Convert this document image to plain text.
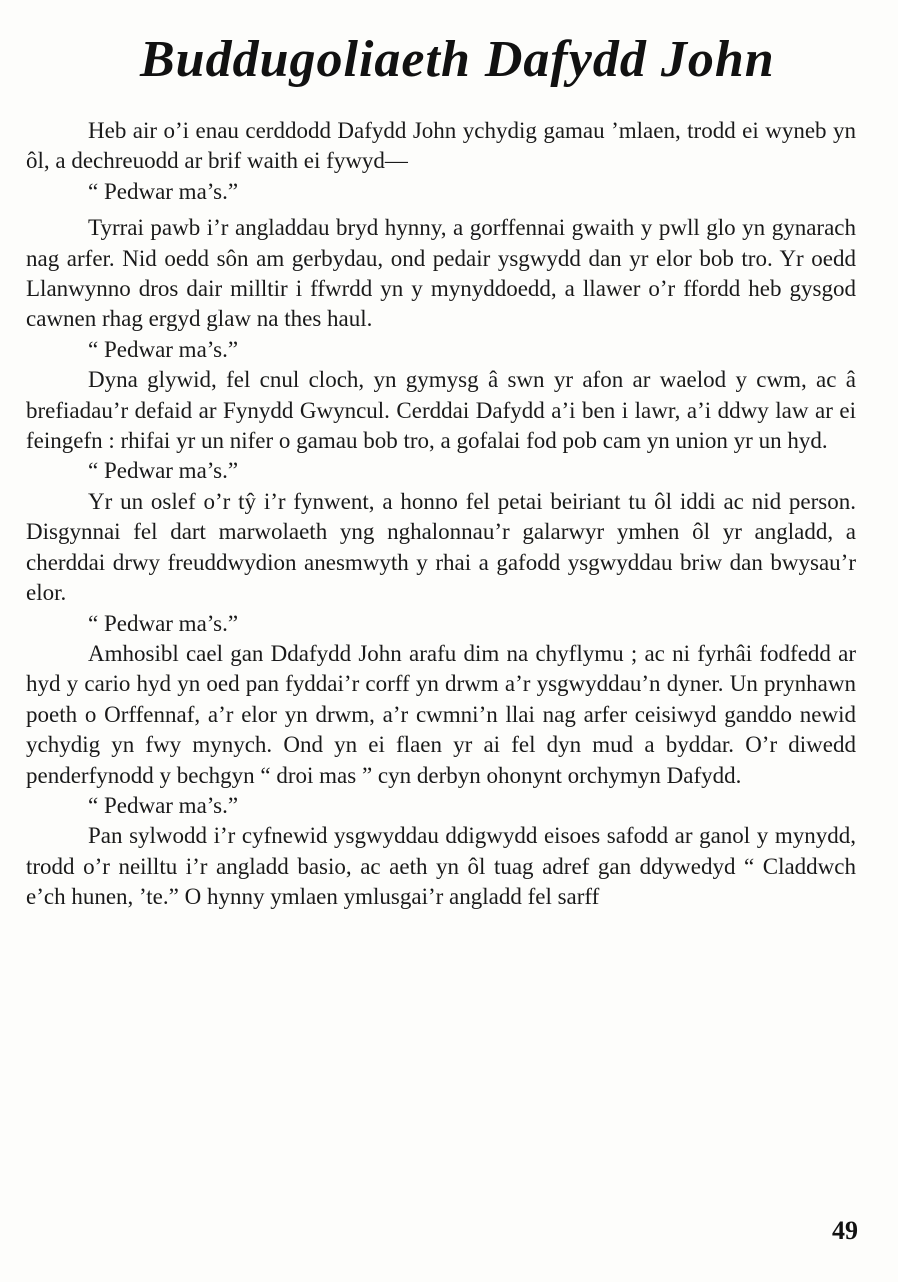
Buddugoliaeth Dafydd John

Heb air o’i enau cerddodd Dafydd John ychydig gamau ’mlaen, trodd ei wyneb yn ôl, a dechreuodd ar brif waith ei fywyd—

“ Pedwar ma’s.”

Tyrrai pawb i’r angladdau bryd hynny, a gorffennai gwaith y pwll glo yn gynarach nag arfer. Nid oedd sôn am gerbydau, ond pedair ysgwydd dan yr elor bob tro. Yr oedd Llanwynno dros dair milltir i ffwrdd yn y mynyddoedd, a llawer o’r ffordd heb gysgod cawnen rhag ergyd glaw na thes haul.

“ Pedwar ma’s.”

Dyna glywid, fel cnul cloch, yn gymysg â swn yr afon ar waelod y cwm, ac â brefiadau’r defaid ar Fynydd Gwyncul. Cerddai Dafydd a’i ben i lawr, a’i ddwy law ar ei feingefn : rhifai yr un nifer o gamau bob tro, a gofalai fod pob cam yn union yr un hyd.

“ Pedwar ma’s.”

Yr un oslef o’r tŷ i’r fynwent, a honno fel petai beiriant tu ôl iddi ac nid person. Disgynnai fel dart marwolaeth yng nghalonnau’r galarwyr ymhen ôl yr angladd, a cherddai drwy freuddwydion anesmwyth y rhai a gafodd ysgwyddau briw dan bwysau’r elor.

“ Pedwar ma’s.”

Amhosibl cael gan Ddafydd John arafu dim na chyflymu ; ac ni fyrhâi fodfedd ar hyd y cario hyd yn oed pan fyddai’r corff yn drwm a’r ysgwyddau’n dyner. Un prynhawn poeth o Orffennaf, a’r elor yn drwm, a’r cwmni’n llai nag arfer ceisiwyd ganddo newid ychydig yn fwy mynych. Ond yn ei flaen yr ai fel dyn mud a byddar. O’r diwedd penderfynodd y bechgyn “ droi mas ” cyn derbyn ohonynt orchymyn Dafydd.

“ Pedwar ma’s.”

Pan sylwodd i’r cyfnewid ysgwyddau ddigwydd eisoes safodd ar ganol y mynydd, trodd o’r neilltu i’r angladd basio, ac aeth yn ôl tuag adref gan ddywedyd “ Claddwch e’ch hunen, ’te.” O hynny ymlaen ymlusgai’r angladd fel sarff

49
